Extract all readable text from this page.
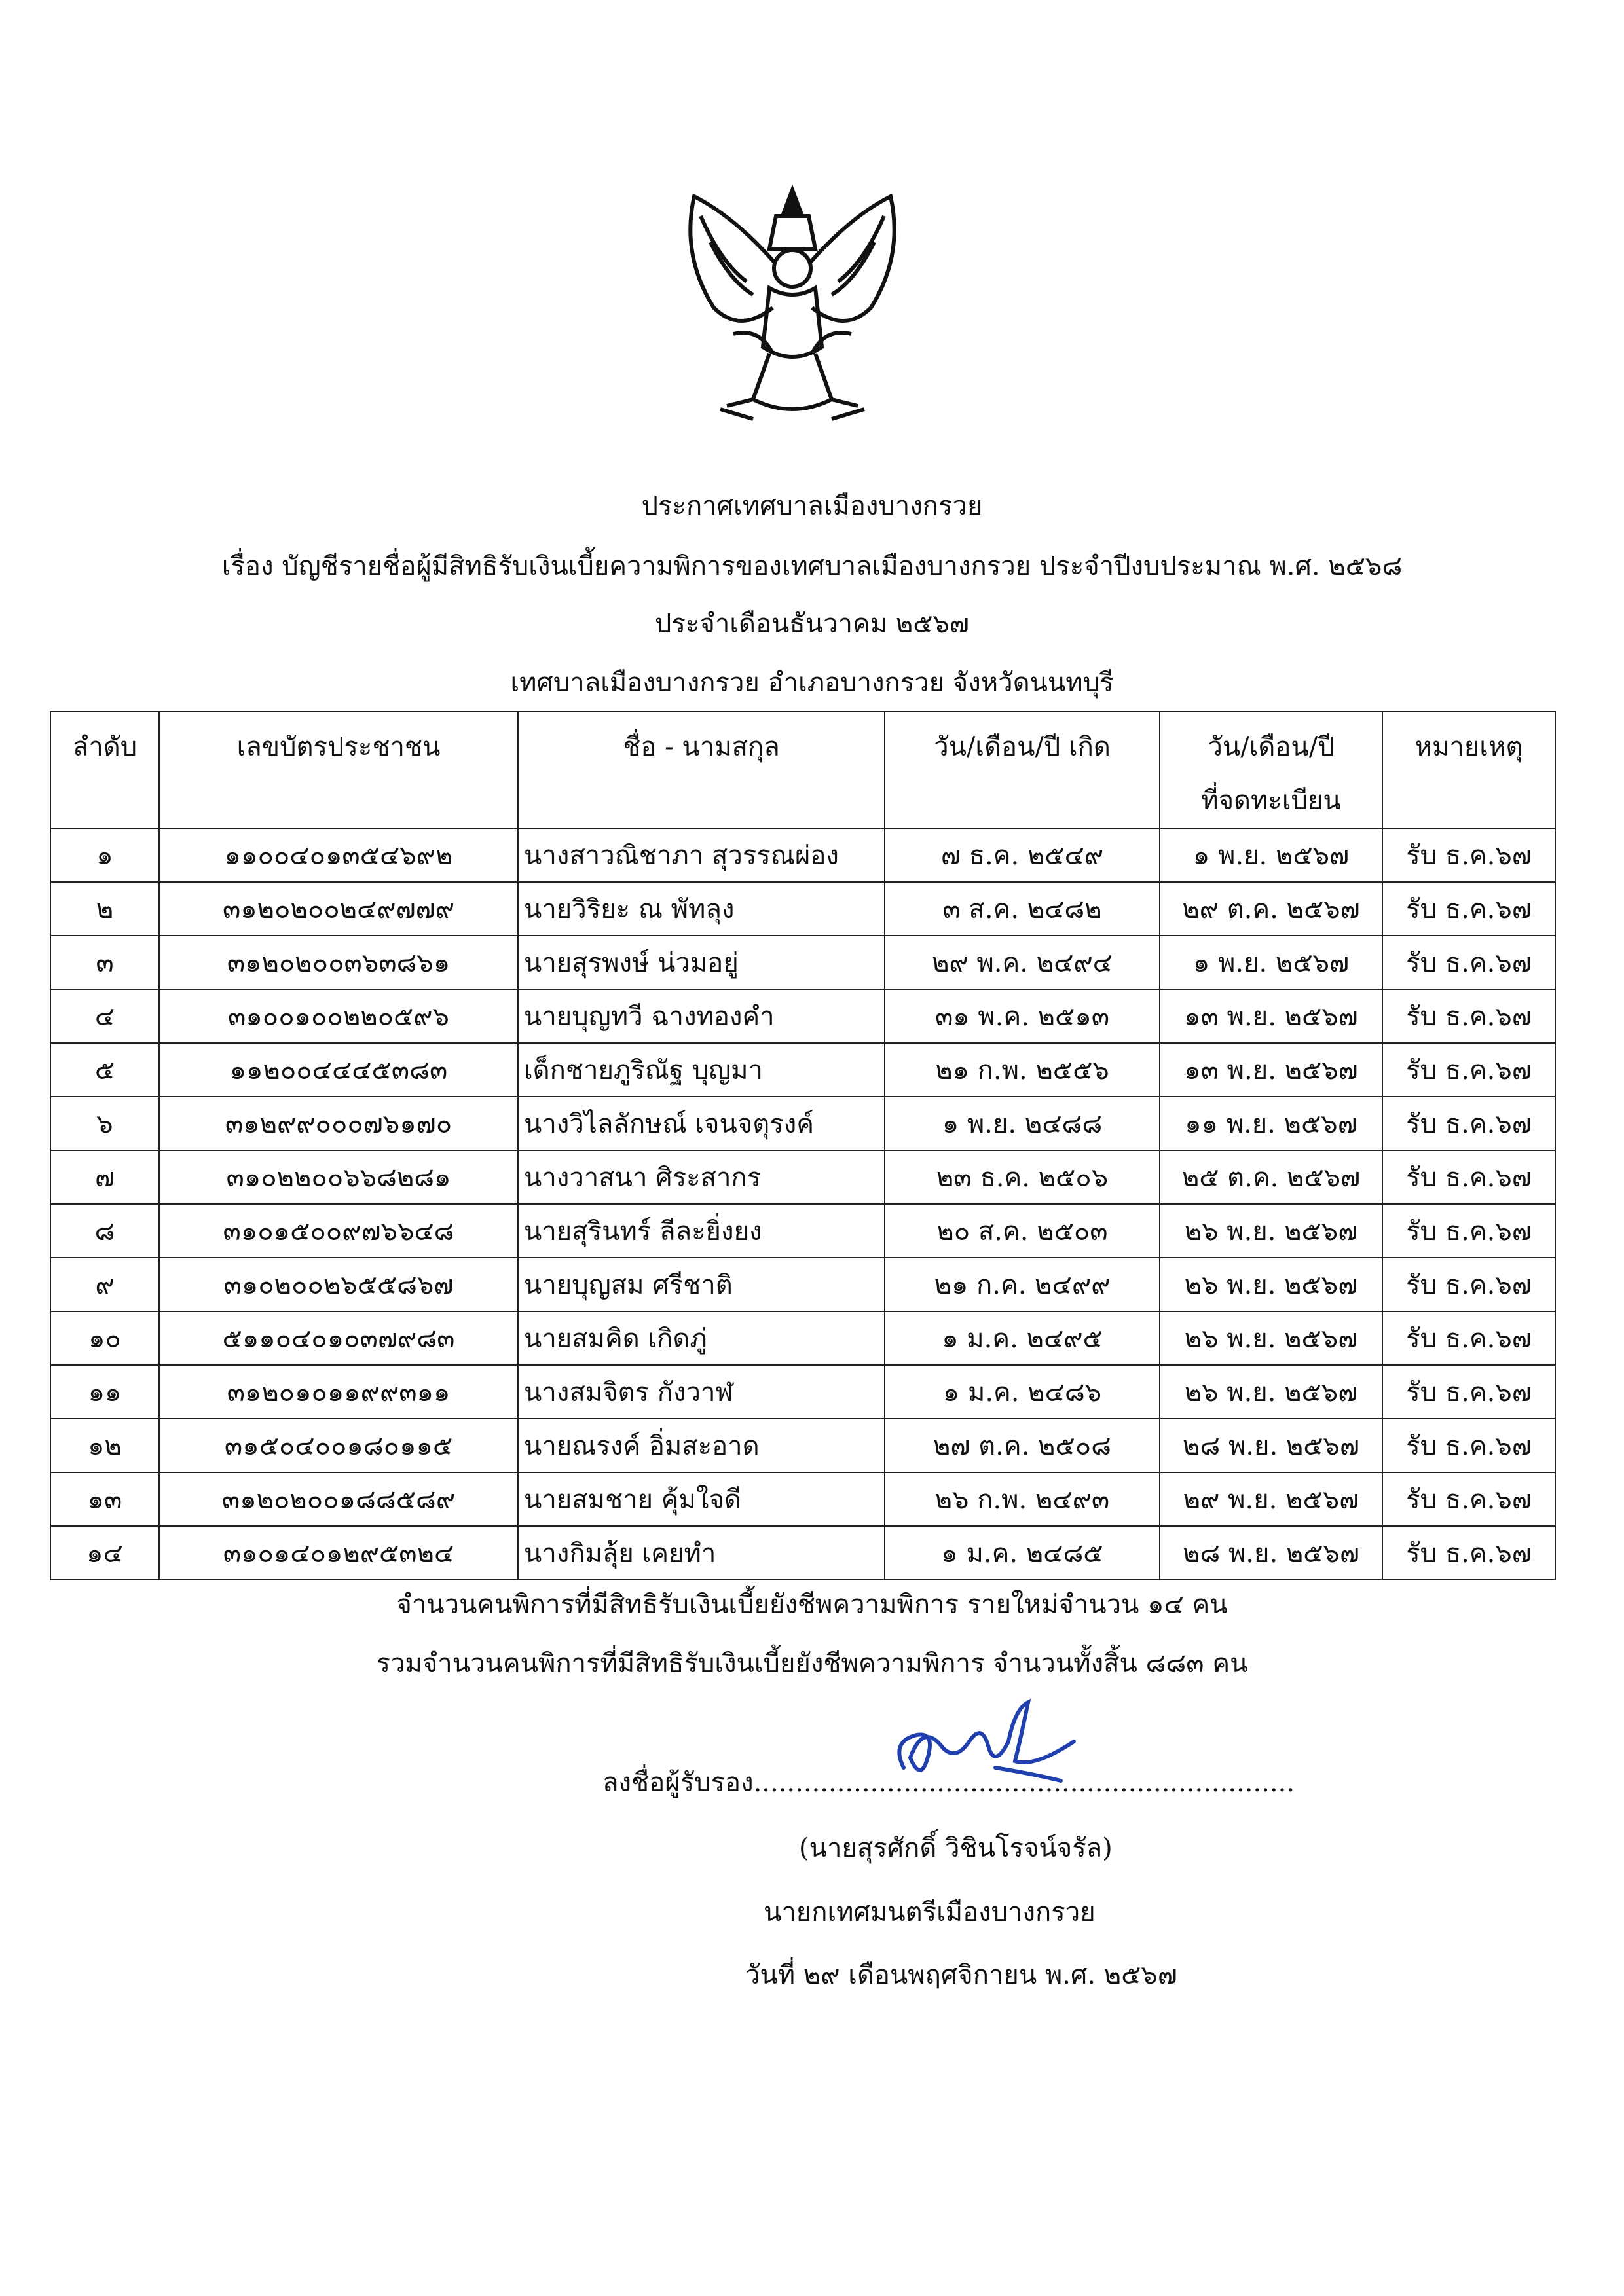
ประกาศเทศบาลเมืองบางกรวย
เรื่อง บัญชีรายชื่อผู้มีสิทธิรับเงินเบี้ยความพิการของเทศบาลเมืองบางกรวย ประจำปีงบประมาณ พ.ศ. ๒๕๖๘
ประจำเดือนธันวาคม ๒๕๖๗
เทศบาลเมืองบางกรวย อำเภอบางกรวย จังหวัดนนทบุรี
ลำดับ	เลขบัตรประชาชน	ชื่อ - นามสกุล	วัน/เดือน/ปี เกิด	วัน/เดือน/ปี
ที่จดทะเบียน	หมายเหตุ
๑	๑๑๐๐๔๐๑๓๕๔๖๙๒	นางสาวณิชาภา สุวรรณผ่อง	๗ ธ.ค. ๒๕๔๙	๑ พ.ย. ๒๕๖๗	รับ ธ.ค.๖๗
๒	๓๑๒๐๒๐๐๒๔๙๗๗๙	นายวิริยะ ณ พัทลุง	๓ ส.ค. ๒๔๘๒	๒๙ ต.ค. ๒๕๖๗	รับ ธ.ค.๖๗
๓	๓๑๒๐๒๐๐๓๖๓๘๖๑	นายสุรพงษ์ น่วมอยู่	๒๙ พ.ค. ๒๔๙๔	๑ พ.ย. ๒๕๖๗	รับ ธ.ค.๖๗
๔	๓๑๐๐๑๐๐๒๒๐๕๙๖	นายบุญทวี ฉางทองคำ	๓๑ พ.ค. ๒๕๑๓	๑๓ พ.ย. ๒๕๖๗	รับ ธ.ค.๖๗
๕	๑๑๒๐๐๔๔๔๕๓๘๓	เด็กชายภูริณัฐ บุญมา	๒๑ ก.พ. ๒๕๕๖	๑๓ พ.ย. ๒๕๖๗	รับ ธ.ค.๖๗
๖	๓๑๒๙๙๐๐๐๗๖๑๗๐	นางวิไลลักษณ์ เจนจตุรงค์	๑ พ.ย. ๒๔๘๘	๑๑ พ.ย. ๒๕๖๗	รับ ธ.ค.๖๗
๗	๓๑๐๒๒๐๐๖๖๘๒๘๑	นางวาสนา ศิระสากร	๒๓ ธ.ค. ๒๕๐๖	๒๕ ต.ค. ๒๕๖๗	รับ ธ.ค.๖๗
๘	๓๑๐๑๕๐๐๙๗๖๖๔๘	นายสุรินทร์ ลีละยิ่งยง	๒๐ ส.ค. ๒๕๐๓	๒๖ พ.ย. ๒๕๖๗	รับ ธ.ค.๖๗
๙	๓๑๐๒๐๐๒๖๕๕๘๖๗	นายบุญสม ศรีชาติ	๒๑ ก.ค. ๒๔๙๙	๒๖ พ.ย. ๒๕๖๗	รับ ธ.ค.๖๗
๑๐	๕๑๑๐๔๐๑๐๓๗๙๘๓	นายสมคิด เกิดภู่	๑ ม.ค. ๒๔๙๕	๒๖ พ.ย. ๒๕๖๗	รับ ธ.ค.๖๗
๑๑	๓๑๒๐๑๐๑๑๙๙๓๑๑	นางสมจิตร กังวาฬ	๑ ม.ค. ๒๔๘๖	๒๖ พ.ย. ๒๕๖๗	รับ ธ.ค.๖๗
๑๒	๓๑๕๐๔๐๐๑๘๐๑๑๕	นายณรงค์ อิ่มสะอาด	๒๗ ต.ค. ๒๕๐๘	๒๘ พ.ย. ๒๕๖๗	รับ ธ.ค.๖๗
๑๓	๓๑๒๐๒๐๐๑๘๘๕๘๙	นายสมชาย คุ้มใจดี	๒๖ ก.พ. ๒๔๙๓	๒๙ พ.ย. ๒๕๖๗	รับ ธ.ค.๖๗
๑๔	๓๑๐๑๔๐๑๒๙๕๓๒๔	นางกิมลุ้ย เคยทำ	๑ ม.ค. ๒๔๘๕	๒๘ พ.ย. ๒๕๖๗	รับ ธ.ค.๖๗
จำนวนคนพิการที่มีสิทธิรับเงินเบี้ยยังชีพความพิการ รายใหม่จำนวน ๑๔ คน
รวมจำนวนคนพิการที่มีสิทธิรับเงินเบี้ยยังชีพความพิการ จำนวนทั้งสิ้น ๘๘๓ คน
ลงชื่อผู้รับรอง.................................................................
(นายสุรศักดิ์ วิชินโรจน์จรัล)
นายกเทศมนตรีเมืองบางกรวย
วันที่ ๒๙ เดือนพฤศจิกายน พ.ศ. ๒๕๖๗
